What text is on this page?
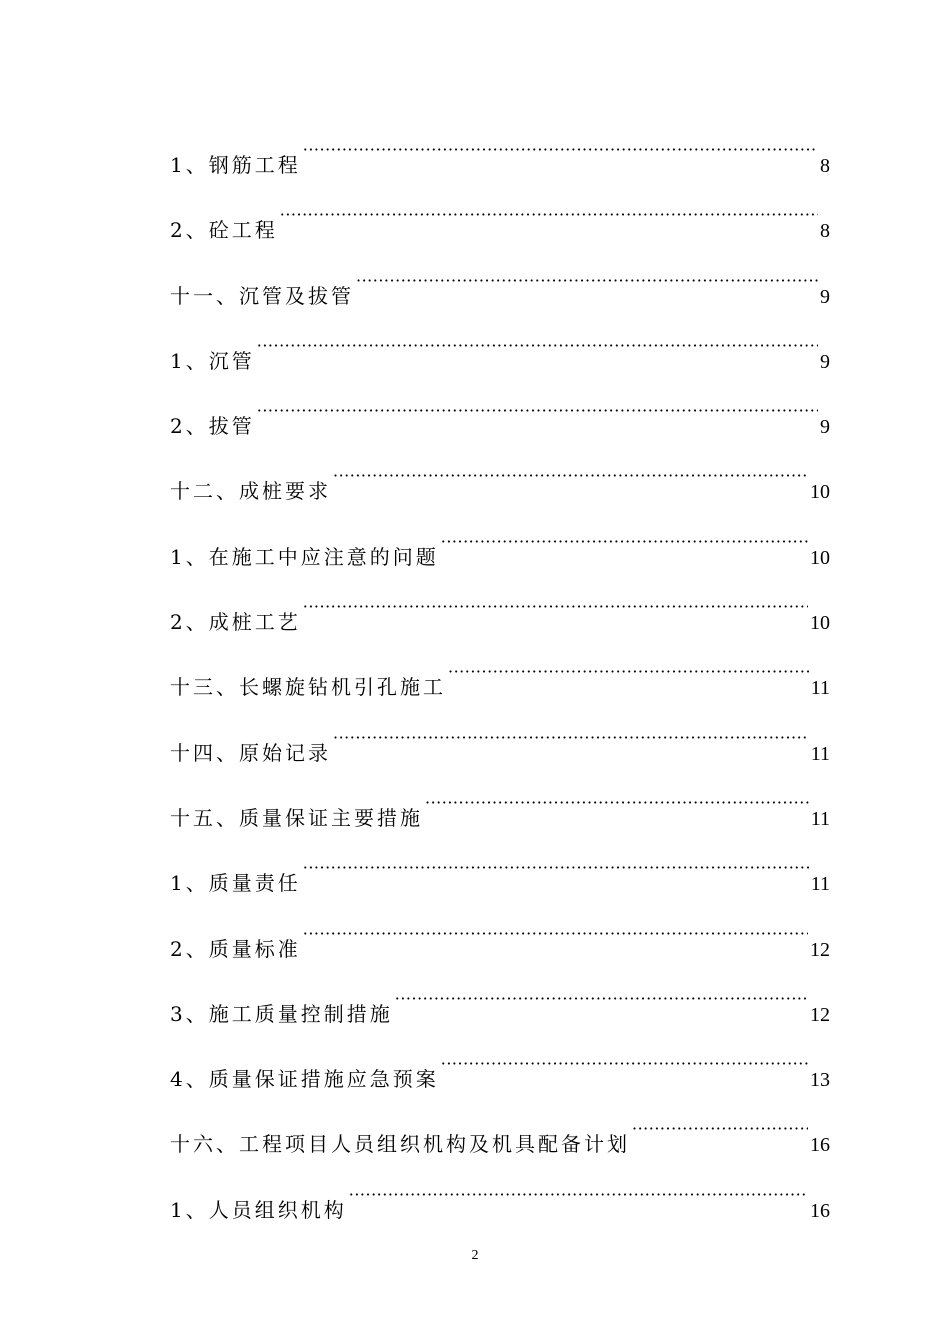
1、钢筋工程 ·····	8
2、砼工程 ·····	8
十一、沉管及拔管 ·····	9
1、沉管 ·····	9
2、拔管 ·····	9
十二、成桩要求 ·····	10
1、在施工中应注意的问题 ·····	10
2、成桩工艺 ·····	10
十三、长螺旋钻机引孔施工 ·····	11
十四、原始记录 ·····	11
十五、质量保证主要措施 ·····	11
1、质量责任 ·····	11
2、质量标准 ·····	12
3、施工质量控制措施 ·····	12
4、质量保证措施应急预案 ·····	13
十六、工程项目人员组织机构及机具配备计划 ·····	16
1、人员组织机构 ·····	16
2
